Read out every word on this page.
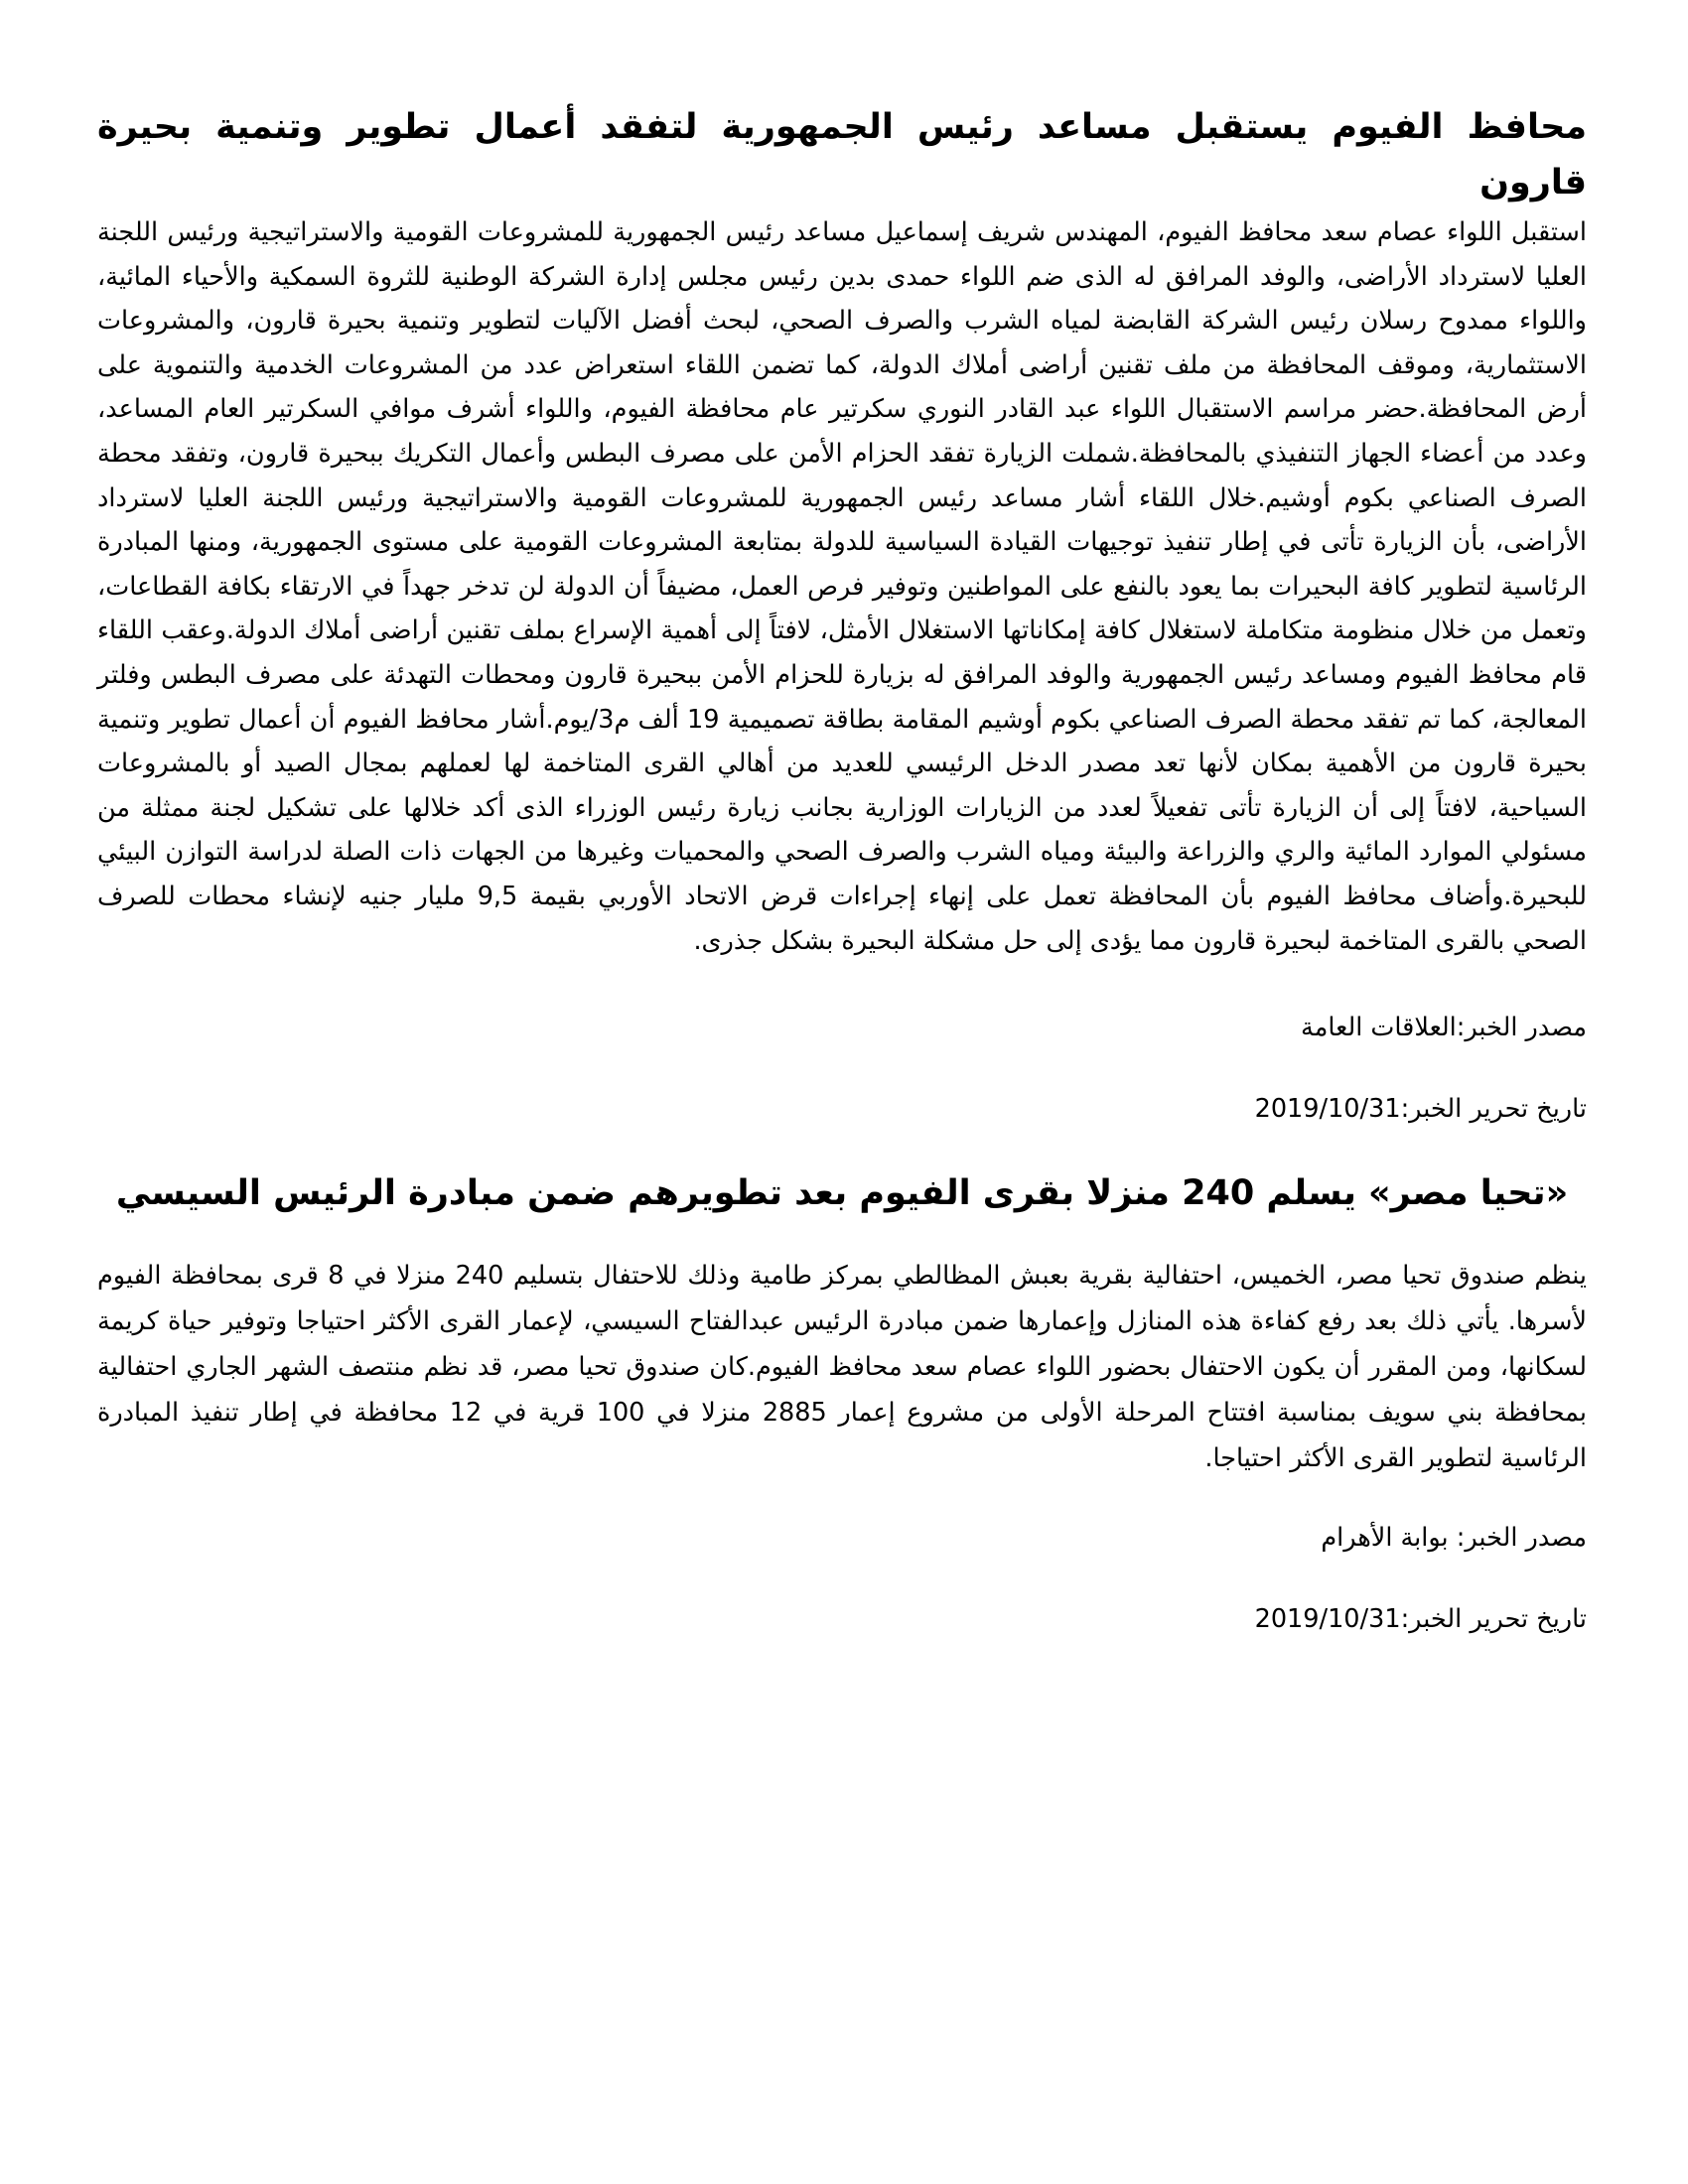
محافظ الفيوم يستقبل مساعد رئيس الجمهورية لتفقد أعمال تطوير وتنمية بحيرة قارون

استقبل اللواء عصام سعد محافظ الفيوم، المهندس شريف إسماعيل مساعد رئيس الجمهورية للمشروعات القومية والاستراتيجية ورئيس اللجنة العليا لاسترداد الأراضى، والوفد المرافق له الذى ضم اللواء حمدى بدين رئيس مجلس إدارة الشركة الوطنية للثروة السمكية والأحياء المائية، واللواء ممدوح رسلان رئيس الشركة القابضة لمياه الشرب والصرف الصحي، لبحث أفضل الآليات لتطوير وتنمية بحيرة قارون، والمشروعات الاستثمارية، وموقف المحافظة من ملف تقنين أراضى أملاك الدولة، كما تضمن اللقاء استعراض عدد من المشروعات الخدمية والتنموية على أرض المحافظة.حضر مراسم الاستقبال اللواء عبد القادر النوري سكرتير عام محافظة الفيوم، واللواء أشرف موافي السكرتير العام المساعد، وعدد من أعضاء الجهاز التنفيذي بالمحافظة.شملت الزيارة تفقد الحزام الأمن على مصرف البطس وأعمال التكريك ببحيرة قارون، وتفقد محطة الصرف الصناعي بكوم أوشيم.خلال اللقاء أشار مساعد رئيس الجمهورية للمشروعات القومية والاستراتيجية ورئيس اللجنة العليا لاسترداد الأراضى، بأن الزيارة تأتى في إطار تنفيذ توجيهات القيادة السياسية للدولة بمتابعة المشروعات القومية على مستوى الجمهورية، ومنها المبادرة الرئاسية لتطوير كافة البحيرات بما يعود بالنفع على المواطنين وتوفير فرص العمل، مضيفاً أن الدولة لن تدخر جهداً في الارتقاء بكافة القطاعات، وتعمل من خلال منظومة متكاملة لاستغلال كافة إمكاناتها الاستغلال الأمثل، لافتاً إلى أهمية الإسراع بملف تقنين أراضى أملاك الدولة.وعقب اللقاء قام محافظ الفيوم ومساعد رئيس الجمهورية والوفد المرافق له بزيارة للحزام الأمن ببحيرة قارون ومحطات التهدئة على مصرف البطس وفلتر المعالجة، كما تم تفقد محطة الصرف الصناعي بكوم أوشيم المقامة بطاقة تصميمية 19 ألف م3/يوم.أشار محافظ الفيوم أن أعمال تطوير وتنمية بحيرة قارون من الأهمية بمكان لأنها تعد مصدر الدخل الرئيسي للعديد من أهالي القرى المتاخمة لها لعملهم بمجال الصيد أو بالمشروعات السياحية، لافتاً إلى أن الزيارة تأتى تفعيلاً لعدد من الزيارات الوزارية بجانب زيارة رئيس الوزراء الذى أكد خلالها على تشكيل لجنة ممثلة من مسئولي الموارد المائية والري والزراعة والبيئة ومياه الشرب والصرف الصحي والمحميات وغيرها من الجهات ذات الصلة لدراسة التوازن البيئي للبحيرة.وأضاف محافظ الفيوم بأن المحافظة تعمل على إنهاء إجراءات قرض الاتحاد الأوربي بقيمة 9,5 مليار جنيه لإنشاء محطات للصرف الصحي بالقرى المتاخمة لبحيرة قارون مما يؤدى إلى حل مشكلة البحيرة بشكل جذرى.

مصدر الخبر:العلاقات العامة

تاريخ تحرير الخبر:2019/10/31

«تحيا مصر» يسلم 240 منزلا بقرى الفيوم بعد تطويرهم ضمن مبادرة الرئيس السيسي

ينظم صندوق تحيا مصر، الخميس، احتفالية بقرية بعبش المظالطي بمركز طامية وذلك للاحتفال بتسليم 240 منزلا في 8 قرى بمحافظة الفيوم لأسرها. يأتي ذلك بعد رفع كفاءة هذه المنازل وإعمارها ضمن مبادرة الرئيس عبدالفتاح السيسي، لإعمار القرى الأكثر احتياجا وتوفير حياة كريمة لسكانها، ومن المقرر أن يكون الاحتفال بحضور اللواء عصام سعد محافظ الفيوم.كان صندوق تحيا مصر، قد نظم منتصف الشهر الجاري احتفالية بمحافظة بني سويف بمناسبة افتتاح المرحلة الأولى من مشروع إعمار 2885 منزلا في 100 قرية في 12 محافظة في إطار تنفيذ المبادرة الرئاسية لتطوير القرى الأكثر احتياجا.

مصدر الخبر: بوابة الأهرام

تاريخ تحرير الخبر:2019/10/31
